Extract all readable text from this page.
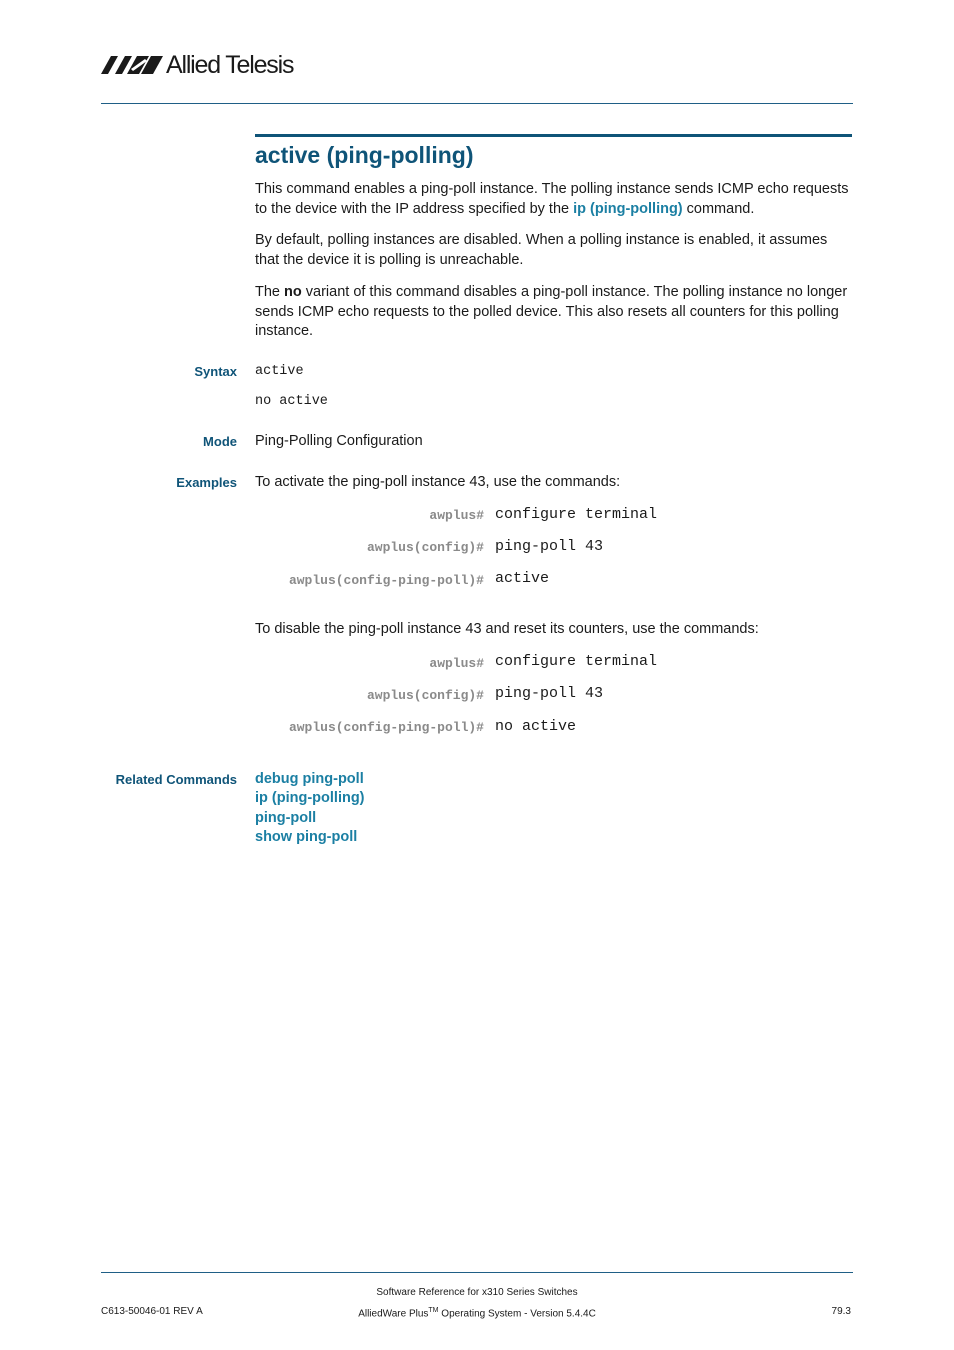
Allied Telesis
active (ping-polling)

This command enables a ping-poll instance. The polling instance sends ICMP echo requests to the device with the IP address specified by the ip (ping-polling) command.

By default, polling instances are disabled. When a polling instance is enabled, it assumes that the device it is polling is unreachable.

The no variant of this command disables a ping-poll instance. The polling instance no longer sends ICMP echo requests to the polled device. This also resets all counters for this polling instance.

Syntax active

no active

Mode Ping-Polling Configuration

Examples To activate the ping-poll instance 43, use the commands:

awplus# configure terminal

awplus(config)# ping-poll 43

awplus(config-ping-poll)# active

To disable the ping-poll instance 43 and reset its counters, use the commands:

awplus# configure terminal

awplus(config)# ping-poll 43

awplus(config-ping-poll)# no active

Related Commands debug ping-poll
ip (ping-polling)
ping-poll
show ping-poll

C613-50046-01 REV A

Software Reference for x310 Series Switches

AlliedWare Plus™ Operating System - Version 5.4.4C	79.3
